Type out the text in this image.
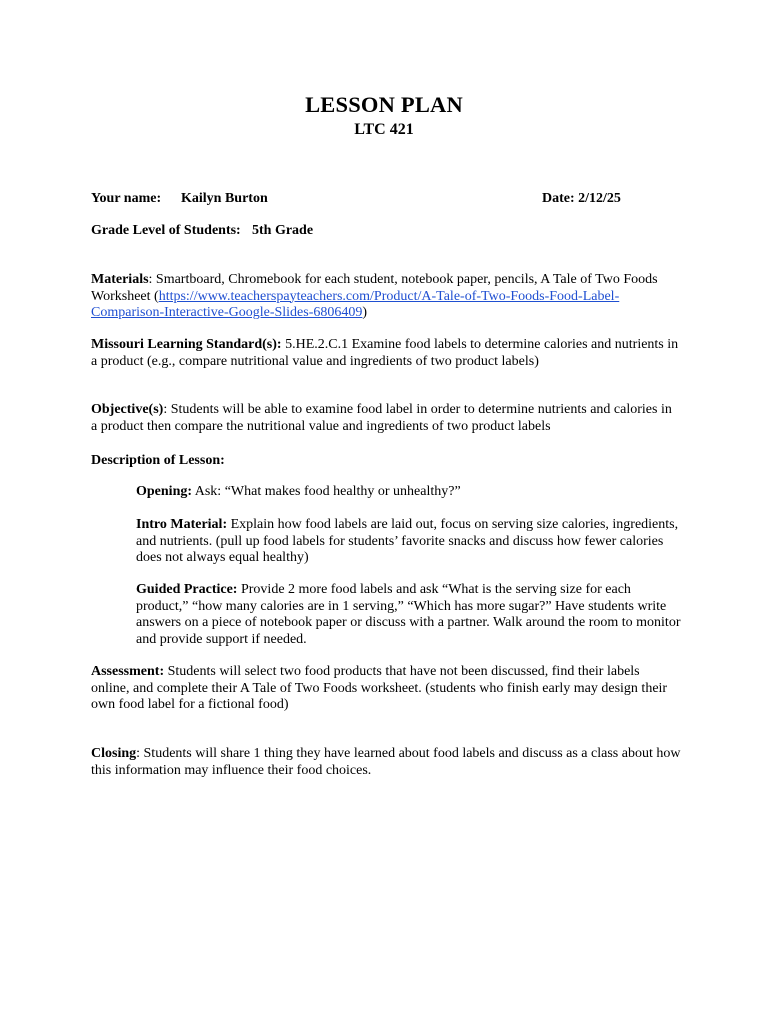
LESSON PLAN
LTC 421
Your name: Kailyn Burton	Date: 2/12/25
Grade Level of Students: 5th Grade
Materials: Smartboard, Chromebook for each student, notebook paper, pencils, A Tale of Two Foods Worksheet (https://www.teacherspayteachers.com/Product/A-Tale-of-Two-Foods-Food-Label-
Comparison-Interactive-Google-Slides-6806409)
Missouri Learning Standard(s): 5.HE.2.C.1 Examine food labels to determine calories and nutrients in a product (e.g., compare nutritional value and ingredients of two product labels)
Objective(s): Students will be able to examine food label in order to determine nutrients and calories in a product then compare the nutritional value and ingredients of two product labels
Description of Lesson:
Opening: Ask: “What makes food healthy or unhealthy?”
Intro Material: Explain how food labels are laid out, focus on serving size calories, ingredients, and nutrients. (pull up food labels for students’ favorite snacks and discuss how fewer calories does not always equal healthy)
Guided Practice: Provide 2 more food labels and ask “What is the serving size for each product,” “how many calories are in 1 serving,” “Which has more sugar?” Have students write answers on a piece of notebook paper or discuss with a partner. Walk around the room to monitor and provide support if needed.
Assessment: Students will select two food products that have not been discussed, find their labels online, and complete their A Tale of Two Foods worksheet. (students who finish early may design their own food label for a fictional food)
Closing: Students will share 1 thing they have learned about food labels and discuss as a class about how this information may influence their food choices.
